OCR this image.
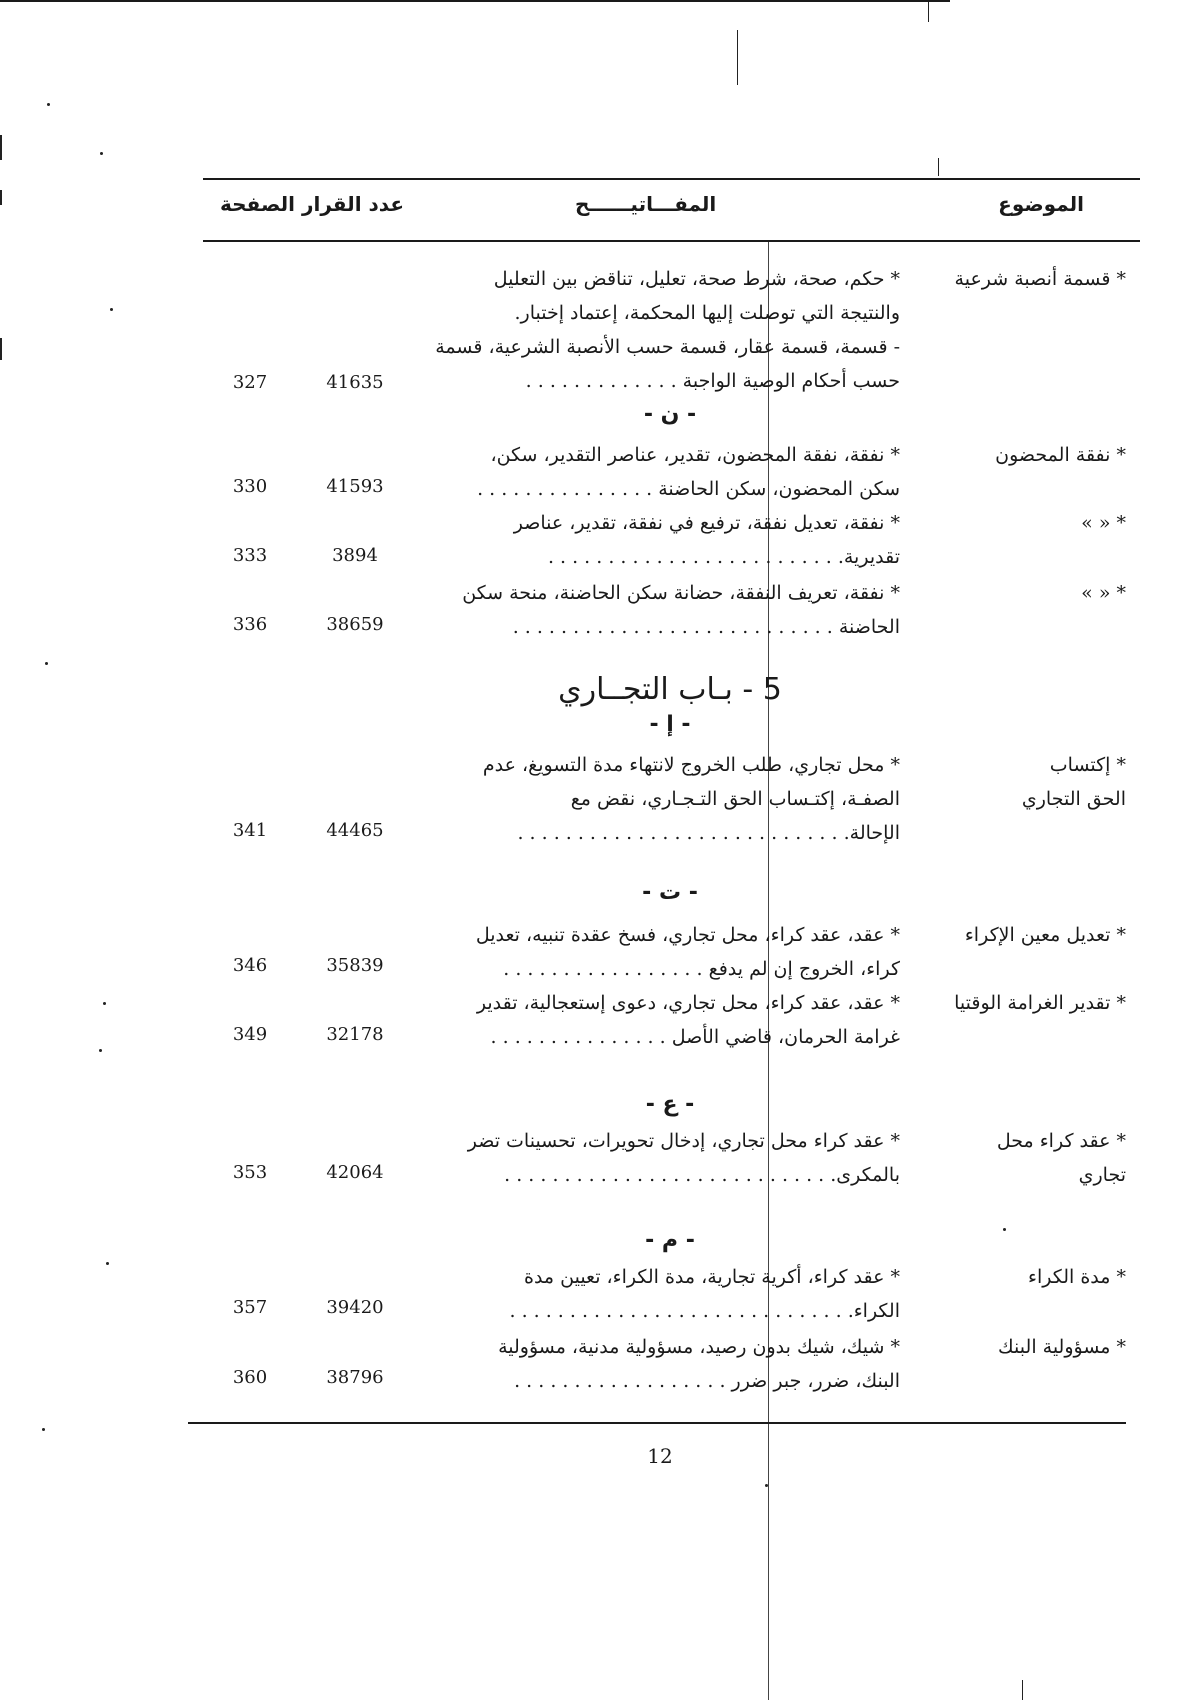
الموضوع
المفـــاتيــــــح
عدد القرار الصفحة
* قسمة أنصبة شرعية
* حكم، صحة، شرط صحة، تعليل، تناقض بين التعليل
والنتيجة التي توصلت إليها المحكمة، إعتماد إختبار.
- قسمة، قسمة عقار، قسمة حسب الأنصبة الشرعية، قسمة
حسب أحكام الوصية الواجبة . . . . . . . . . . . . .
41635
327
- ن -
* نفقة المحضون
* نفقة، نفقة المحضون، تقدير، عناصر التقدير، سكن،
سكن المحضون، سكن الحاضنة . . . . . . . . . . . . . . .
41593
330
* « »
* نفقة، تعديل نفقة، ترفيع في نفقة، تقدير، عناصر
تقديرية. . . . . . . . . . . . . . . . . . . . . . . . .
3894
333
* « »
* نفقة، تعريف النفقة، حضانة سكن الحاضنة، منحة سكن
الحاضنة . . . . . . . . . . . . . . . . . . . . . . . . . . .
38659
336
5 - بـاب التجــاري
- إ -
* إكتساب الحق التجاري
* محل تجاري، طلب الخروج لانتهاء مدة التسويغ، عدم
الصفـة، إكتـساب الحق التـجـاري، نقض مع
الإحالة. . . . . . . . . . . . . . . . . . . . . . . . . . . .
44465
341
- ت -
* تعديل معين الإكراء
* عقد، عقد كراء، محل تجاري، فسخ عقدة تنبيه، تعديل
كراء، الخروج إن لم يدفع . . . . . . . . . . . . . . . . .
35839
346
* تقدير الغرامة الوقتيا
* عقد، عقد كراء، محل تجاري، دعوى إستعجالية، تقدير
غرامة الحرمان، قاضي الأصل . . . . . . . . . . . . . . .
32178
349
- ع -
* عقد كراء محل تجاري
* عقد كراء محل تجاري، إدخال تحويرات، تحسينات تضر
بالمكرى. . . . . . . . . . . . . . . . . . . . . . . . . . . .
42064
353
- م -
* مدة الكراء
* عقد كراء، أكرية تجارية، مدة الكراء، تعيين مدة
الكراء. . . . . . . . . . . . . . . . . . . . . . . . . . . . .
39420
357
* مسؤولية البنك
* شيك، شيك بدون رصيد، مسؤولية مدنية، مسؤولية
البنك، ضرر، جبر ضرر . . . . . . . . . . . . . . . . . .
38796
360
12
